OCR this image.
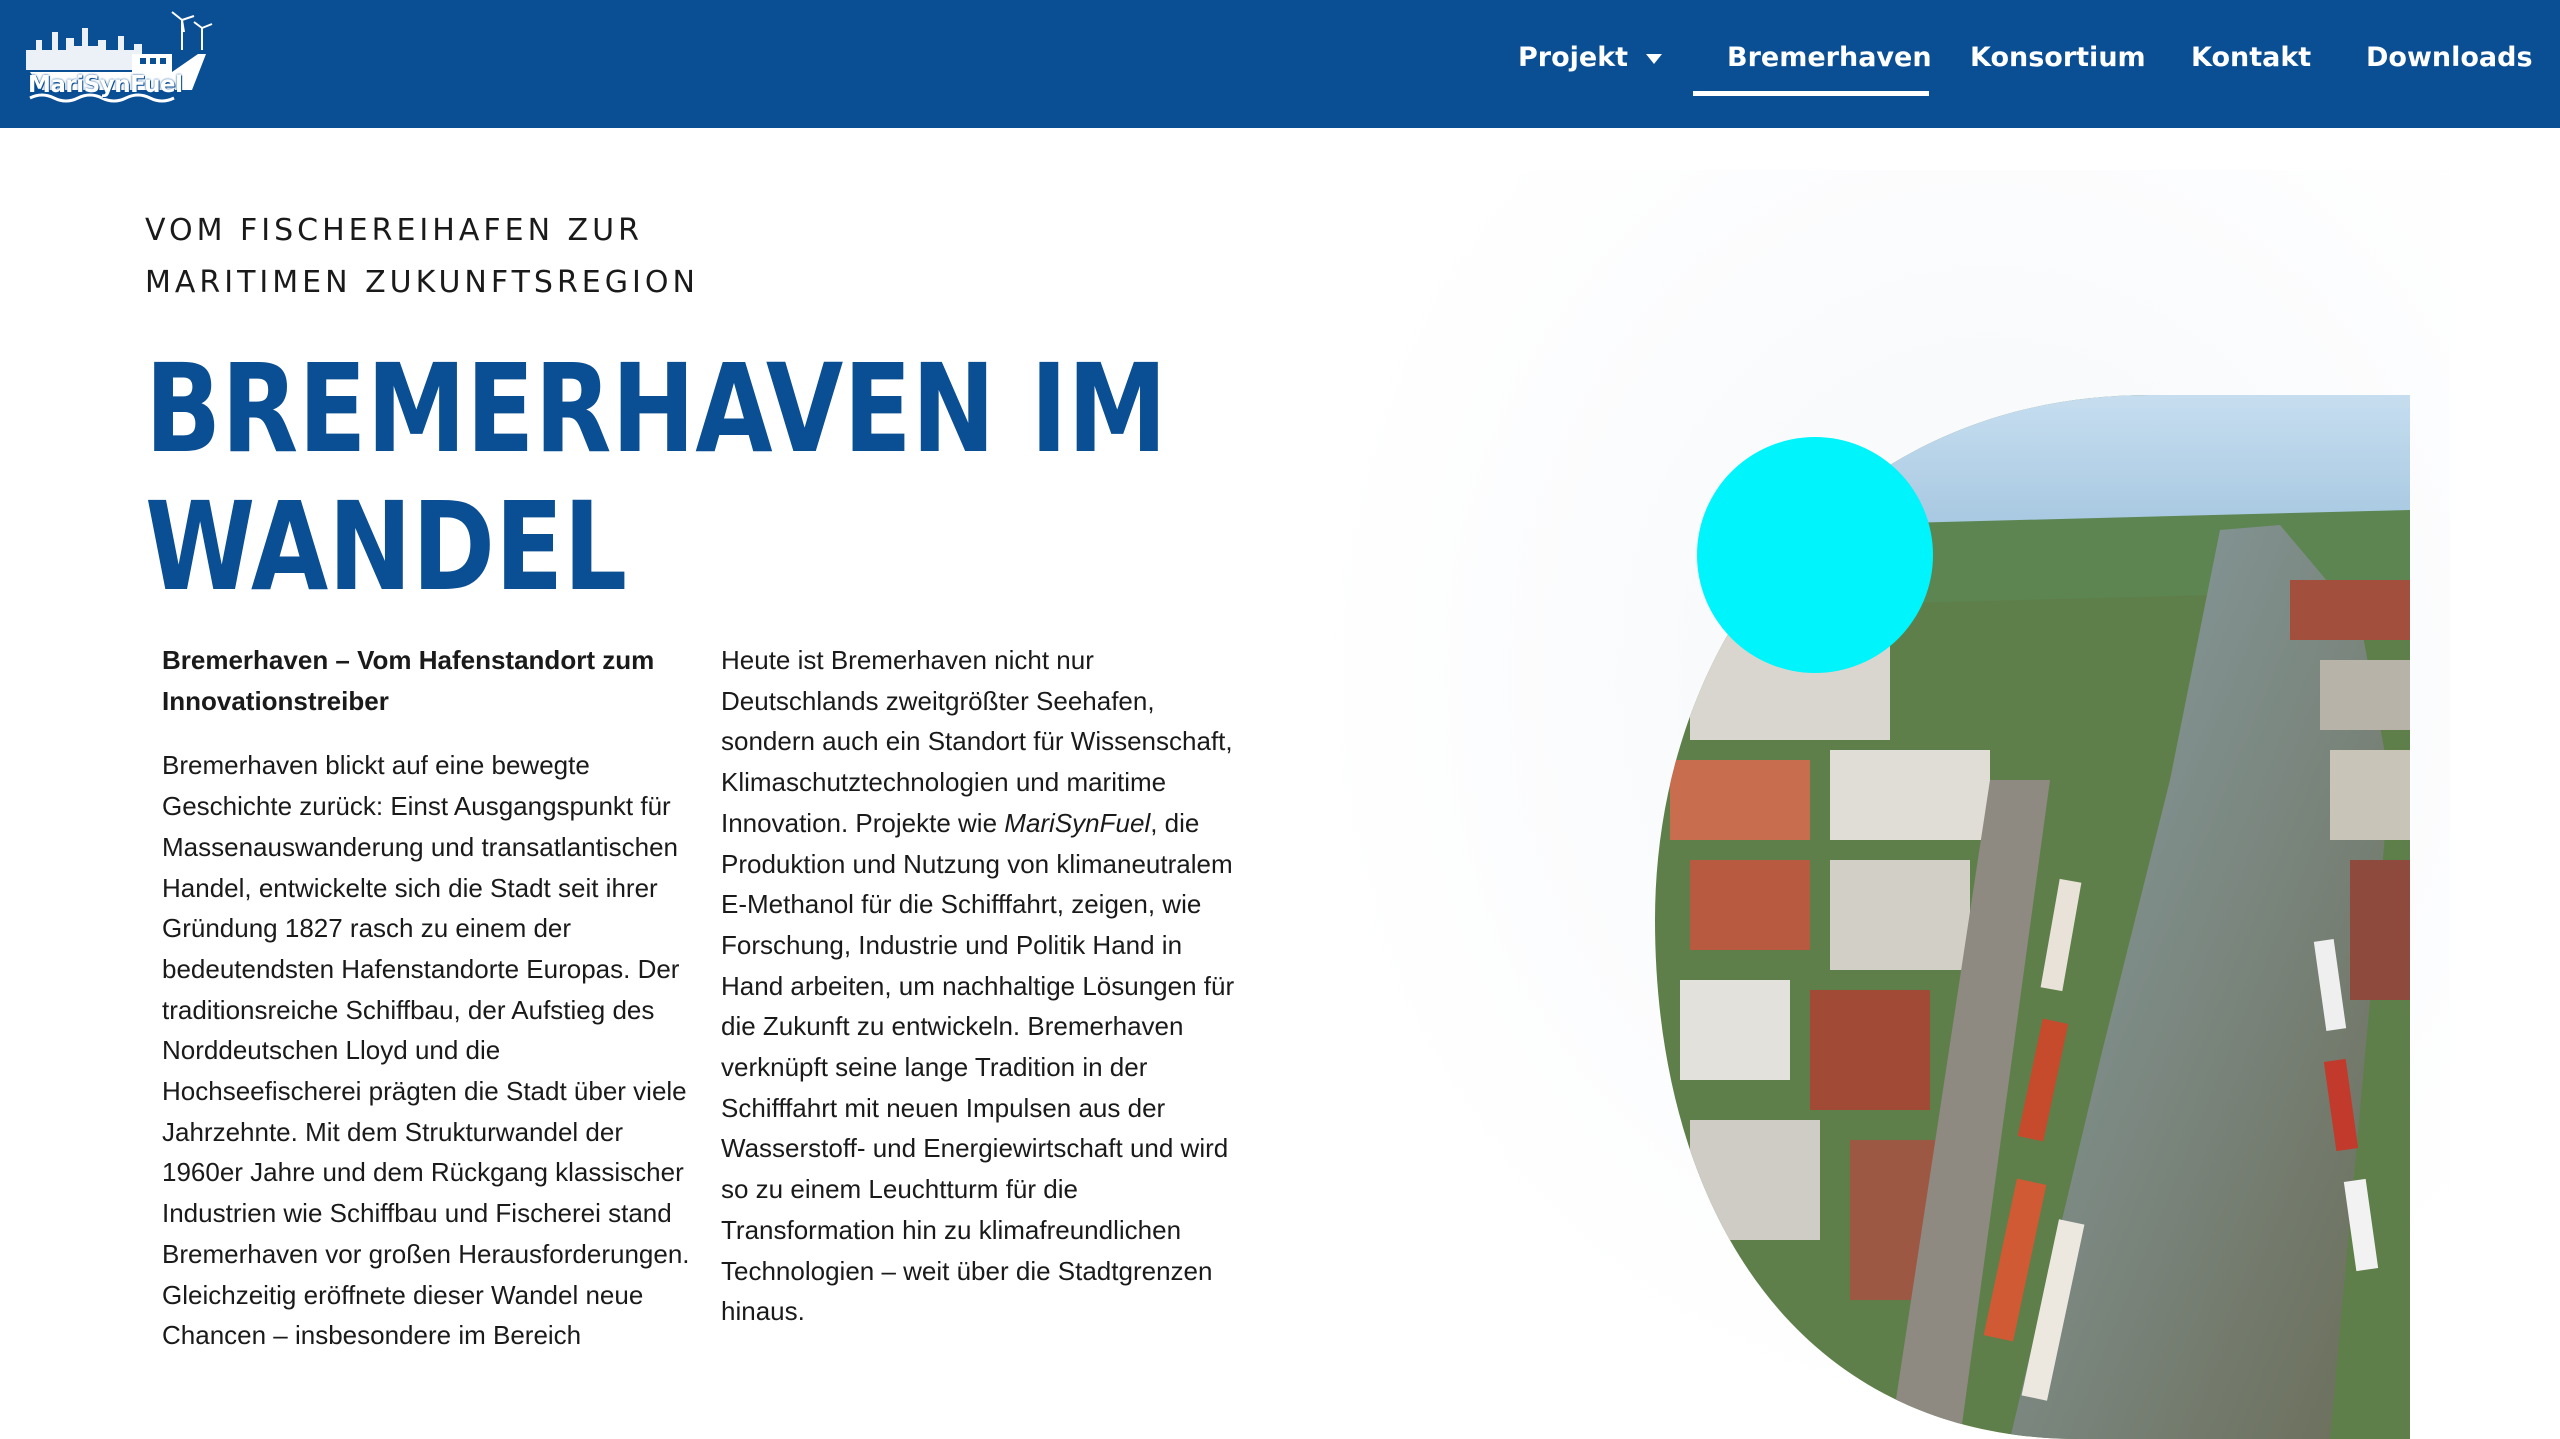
MariSynFuel
Projekt	Bremerhaven Konsortium Kontakt Downloads
VOM FISCHEREIHAFEN ZUR
MARITIMEN ZUKUNFTSREGION
BREMERHAVEN IM
WANDEL

Bremerhaven – Vom Hafenstandort zum Innovationstreiber

Bremerhaven blickt auf eine bewegte Geschichte zurück: Einst Ausgangspunkt für Massenauswanderung und transatlantischen Handel, entwickelte sich die Stadt seit ihrer Gründung 1827 rasch zu einem der bedeutendsten Hafenstandorte Europas. Der traditionsreiche Schiffbau, der Aufstieg des Norddeutschen Lloyd und die Hochseefischerei prägten die Stadt über viele Jahrzehnte. Mit dem Strukturwandel der 1960er Jahre und dem Rückgang klassischer Industrien wie Schiffbau und Fischerei stand Bremerhaven vor großen Herausforderungen. Gleichzeitig eröffnete dieser Wandel neue Chancen – insbesondere im Bereich

Heute ist Bremerhaven nicht nur Deutschlands zweitgrößter Seehafen, sondern auch ein Standort für Wissenschaft, Klimaschutztechnologien und maritime Innovation. Projekte wie MariSynFuel, die Produktion und Nutzung von klimaneutralem E-Methanol für die Schifffahrt, zeigen, wie Forschung, Industrie und Politik Hand in Hand arbeiten, um nachhaltige Lösungen für die Zukunft zu entwickeln. Bremerhaven verknüpft seine lange Tradition in der Schifffahrt mit neuen Impulsen aus der Wasserstoff- und Energiewirtschaft und wird so zu einem Leuchtturm für die Transformation hin zu klimafreundlichen Technologien – weit über die Stadtgrenzen hinaus.
